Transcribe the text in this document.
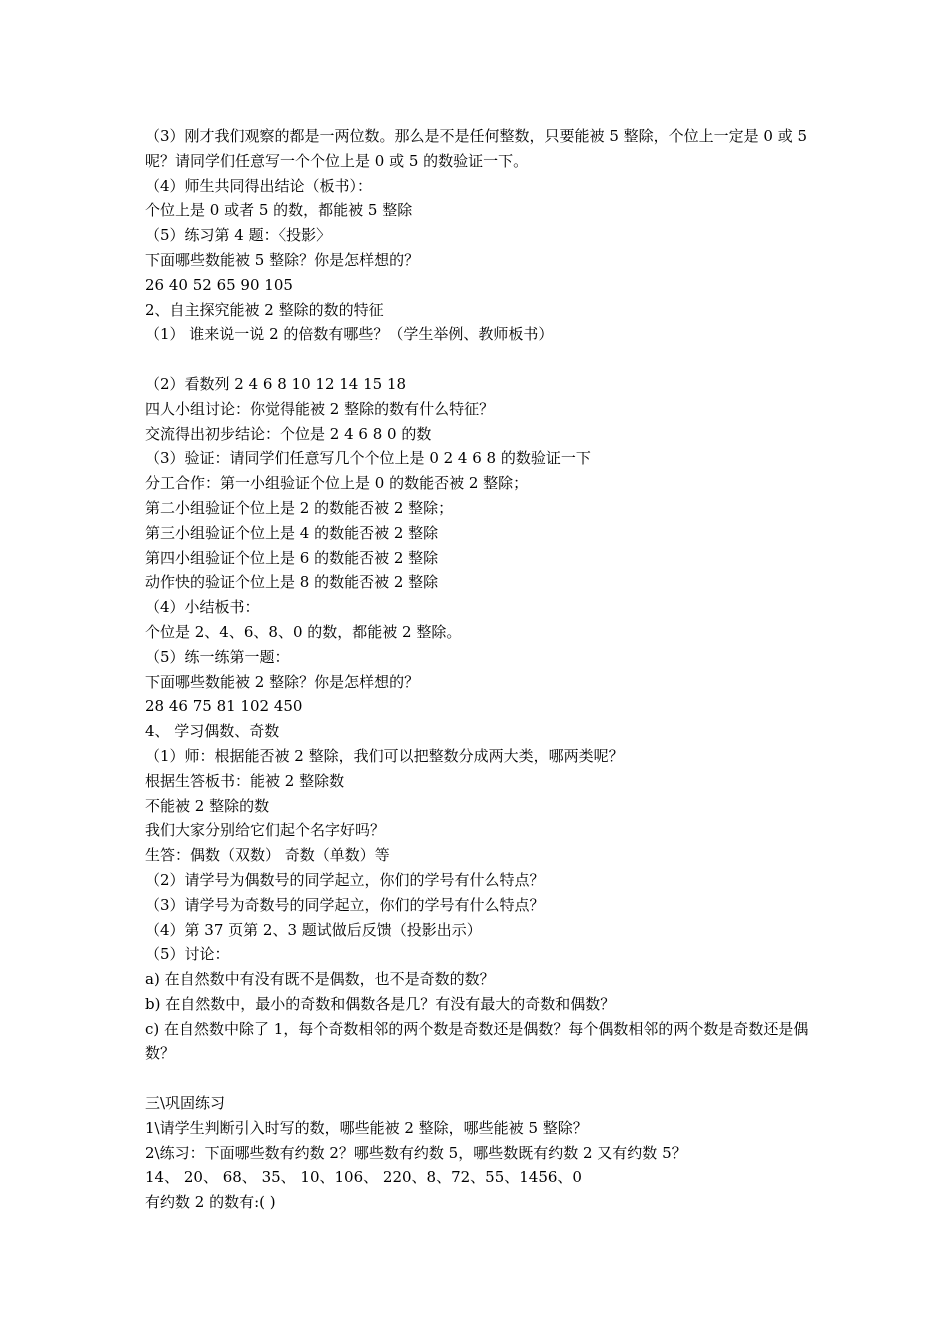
（3）刚才我们观察的都是一两位数。那么是不是任何整数，只要能被 5 整除，个位上一定是 0 或 5 呢？请同学们任意写一个个位上是 0 或 5 的数验证一下。
（4）师生共同得出结论（板书）：
个位上是 0 或者 5 的数，都能被 5 整除
（5）练习第 4 题：〈投影〉
下面哪些数能被 5 整除？你是怎样想的？
26 40 52 65 90 105
2、自主探究能被 2 整除的数的特征
（1） 谁来说一说 2 的倍数有哪些？（学生举例、教师板书）
（2）看数列 2 4 6 8 10 12 14 15 18
四人小组讨论：你觉得能被 2 整除的数有什么特征？
交流得出初步结论：个位是 2 4 6 8 0 的数
（3）验证：请同学们任意写几个个位上是 0 2 4 6 8 的数验证一下
分工合作：第一小组验证个位上是 0 的数能否被 2 整除；
第二小组验证个位上是 2 的数能否被 2 整除；
第三小组验证个位上是 4 的数能否被 2 整除
第四小组验证个位上是 6 的数能否被 2 整除
动作快的验证个位上是 8 的数能否被 2 整除
（4）小结板书：
个位是 2、4、6、8、0 的数，都能被 2 整除。
（5）练一练第一题：
下面哪些数能被 2 整除？你是怎样想的？
28 46 75 81 102 450
4、 学习偶数、奇数
（1）师：根据能否被 2 整除，我们可以把整数分成两大类，哪两类呢？
根据生答板书：能被 2 整除数
不能被 2 整除的数
我们大家分别给它们起个名字好吗？
生答：偶数（双数） 奇数（单数）等
（2）请学号为偶数号的同学起立，你们的学号有什么特点？
（3）请学号为奇数号的同学起立，你们的学号有什么特点？
（4）第 37 页第 2、3 题试做后反馈（投影出示）
（5）讨论：
a) 在自然数中有没有既不是偶数，也不是奇数的数？
b) 在自然数中，最小的奇数和偶数各是几？有没有最大的奇数和偶数？
c) 在自然数中除了 1，每个奇数相邻的两个数是奇数还是偶数？每个偶数相邻的两个数是奇数还是偶数？
三\巩固练习
1\请学生判断引入时写的数，哪些能被 2 整除，哪些能被 5 整除？
2\练习：下面哪些数有约数 2？哪些数有约数 5，哪些数既有约数 2 又有约数 5？
14、 20、 68、 35、 10、106、 220、8、72、55、1456、0
有约数 2 的数有:( )
